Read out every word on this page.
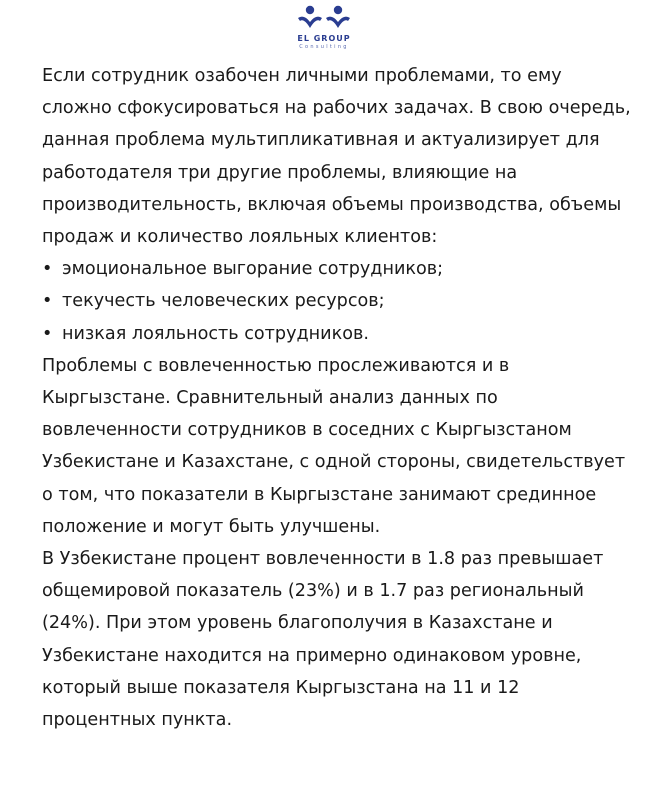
EL GROUP
Consulting

Если сотрудник озабочен личными проблемами, то ему сложно сфокусироваться на рабочих задачах. В свою очередь, данная проблема мультипликативная и актуализирует для работодателя три другие проблемы, влияющие на производительность, включая объемы производства, объемы продаж и количество лояльных клиентов:

• эмоциональное выгорание сотрудников;
• текучесть человеческих ресурсов;
• низкая лояльность сотрудников.

Проблемы с вовлеченностью прослеживаются и в Кыргызстане. Сравнительный анализ данных по вовлеченности сотрудников в соседних с Кыргызстаном Узбекистане и Казахстане, с одной стороны, свидетельствует о том, что показатели в Кыргызстане занимают срединное положение и могут быть улучшены.

В Узбекистане процент вовлеченности в 1.8 раз превышает общемировой показатель (23%) и в 1.7 раз региональный (24%). При этом уровень благополучия в Казахстане и Узбекистане находится на примерно одинаковом уровне, который выше показателя Кыргызстана на 11 и 12 процентных пункта.
